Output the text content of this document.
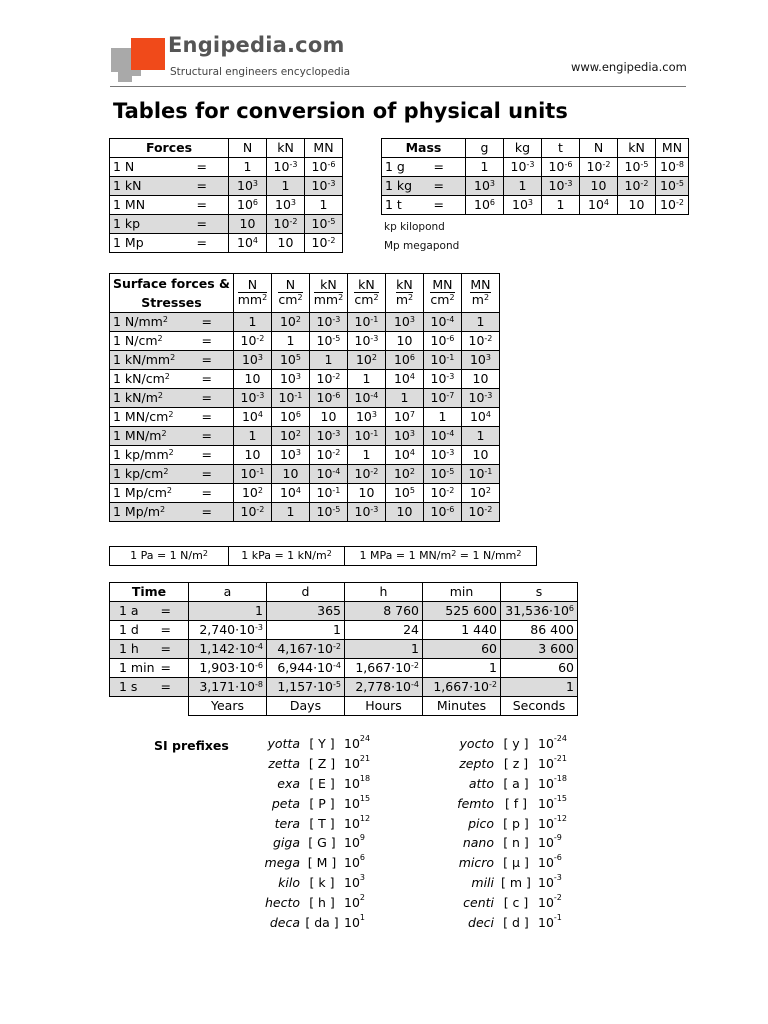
Engipedia.com
Structural engineers encyclopedia	www.engipedia.com
Tables for conversion of physical units
Forces	N	kN	MN

1 N =	1	$10^{-3}$	$10^{-6}$

1 kN =	$10^3$	1	$10^{-3}$

1 MN =	$10^6$	$10^3$	1

1 kp =	10	$10^{-2}$	$10^{-5}$

1 Mp =	$10^4$	10	$10^{-2}$
Mass	g	kg	t	N	kN	MN

1 g =	1	$10^{-3}$	$10^{-6}$	$10^{-2}$	$10^{-5}$	$10^{-8}$

1 kg =	$10^3$	1	$10^{-3}$	10	$10^{-2}$	$10^{-5}$

1 t =	$10^6$	$10^3$	1	$10^4$	10	$10^{-2}$
kp kilopond
Mp megapond
Surface forces &
Stresses	$\frac{N}{mm^2}$	$\frac{N}{cm^2}$	$\frac{kN}{mm^2}$	$\frac{kN}{cm^2}$	$\frac{kN}{m^2}$	$\frac{MN}{cm^2}$	$\frac{MN}{m^2}$

1 $N/mm^2$ =	1	$10^2$	$10^{-3}$	$10^{-1}$	$10^3$	$10^{-4}$	1

1 $N/cm^2$ =	$10^{-2}$	1	$10^{-5}$	$10^{-3}$	10	$10^{-6}$	$10^{-2}$

1 $kN/mm^2$ =	$10^3$	$10^5$	1	$10^2$	$10^6$	$10^{-1}$	$10^3$

1 $kN/cm^2$ =	10	$10^3$	$10^{-2}$	1	$10^4$	$10^{-3}$	10

1 $kN/m^2$ =	$10^{-3}$	$10^{-1}$	$10^{-6}$	$10^{-4}$	1	$10^{-7}$	$10^{-3}$

1 $MN/cm^2$ =	$10^4$	$10^6$	10	$10^3$	$10^7$	1	$10^4$

1 $MN/m^2$ =	1	$10^2$	$10^{-3}$	$10^{-1}$	$10^3$	$10^{-4}$	1

1 $kp/mm^2$ =	10	$10^3$	$10^{-2}$	1	$10^4$	$10^{-3}$	10

1 $kp/cm^2$ =	$10^{-1}$	10	$10^{-4}$	$10^{-2}$	$10^2$	$10^{-5}$	$10^{-1}$

1 $Mp/cm^2$ =	$10^2$	$10^4$	$10^{-1}$	10	$10^5$	$10^{-2}$	$10^2$

1 $Mp/m^2$ =	$10^{-2}$	1	$10^{-5}$	$10^{-3}$	10	$10^{-6}$	$10^{-2}$
1 Pa = 1 $N/m^2$	1 kPa = 1 $kN/m^2$	1 MPa = 1 $MN/m^2 = 1$ $N/mm^2$
Time	a	d	h	min	s

1 a =	1	365	8 760	525 600	$31,536\cdot 10^6$

1 d =	$2,740\cdot 10^{-3}$	1	24	1 440	86 400

1 h =	$1,142\cdot 10^{-4}$	$4,167\cdot 10^{-2}$	1	60	3 600

1 min =	$1,903\cdot 10^{-6}$	$6,944\cdot 10^{-4}$	$1,667\cdot 10^{-2}$	1	60

1 s =	$3,171\cdot 10^{-8}$	$1,157\cdot 10^{-5}$	$2,778\cdot 10^{-4}$	$1,667\cdot 10^{-2}$	1
	Years	Days	Hours	Minutes	Seconds
SI prefixes	yotta	[ Y ]	$10^{24}$
zetta	[ Z ]	$10^{21}$
exa	[ E ]	$10^{18}$
peta	[ P ]	$10^{15}$
tera	[ T ]	$10^{12}$
giga	[ G ]	$10^9$
mega	[ M ]	$10^6$
kilo	[ k ]	$10^3$
hecto	[ h ]	$10^2$
deca	[ da ]	$10^1$
yocto	[ y ]	$10^{-24}$
zepto	[ z ]	$10^{-21}$
atto	[ a ]	$10^{-18}$
femto	[ f ]	$10^{-15}$
pico	[ p ]	$10^{-12}$
nano	[ n ]	$10^{-9}$
micro	[ μ ]	$10^{-6}$
mili	[ m ]	$10^{-3}$
centi	[ c ]	$10^{-2}$
deci	[ d ]	$10^{-1}$
